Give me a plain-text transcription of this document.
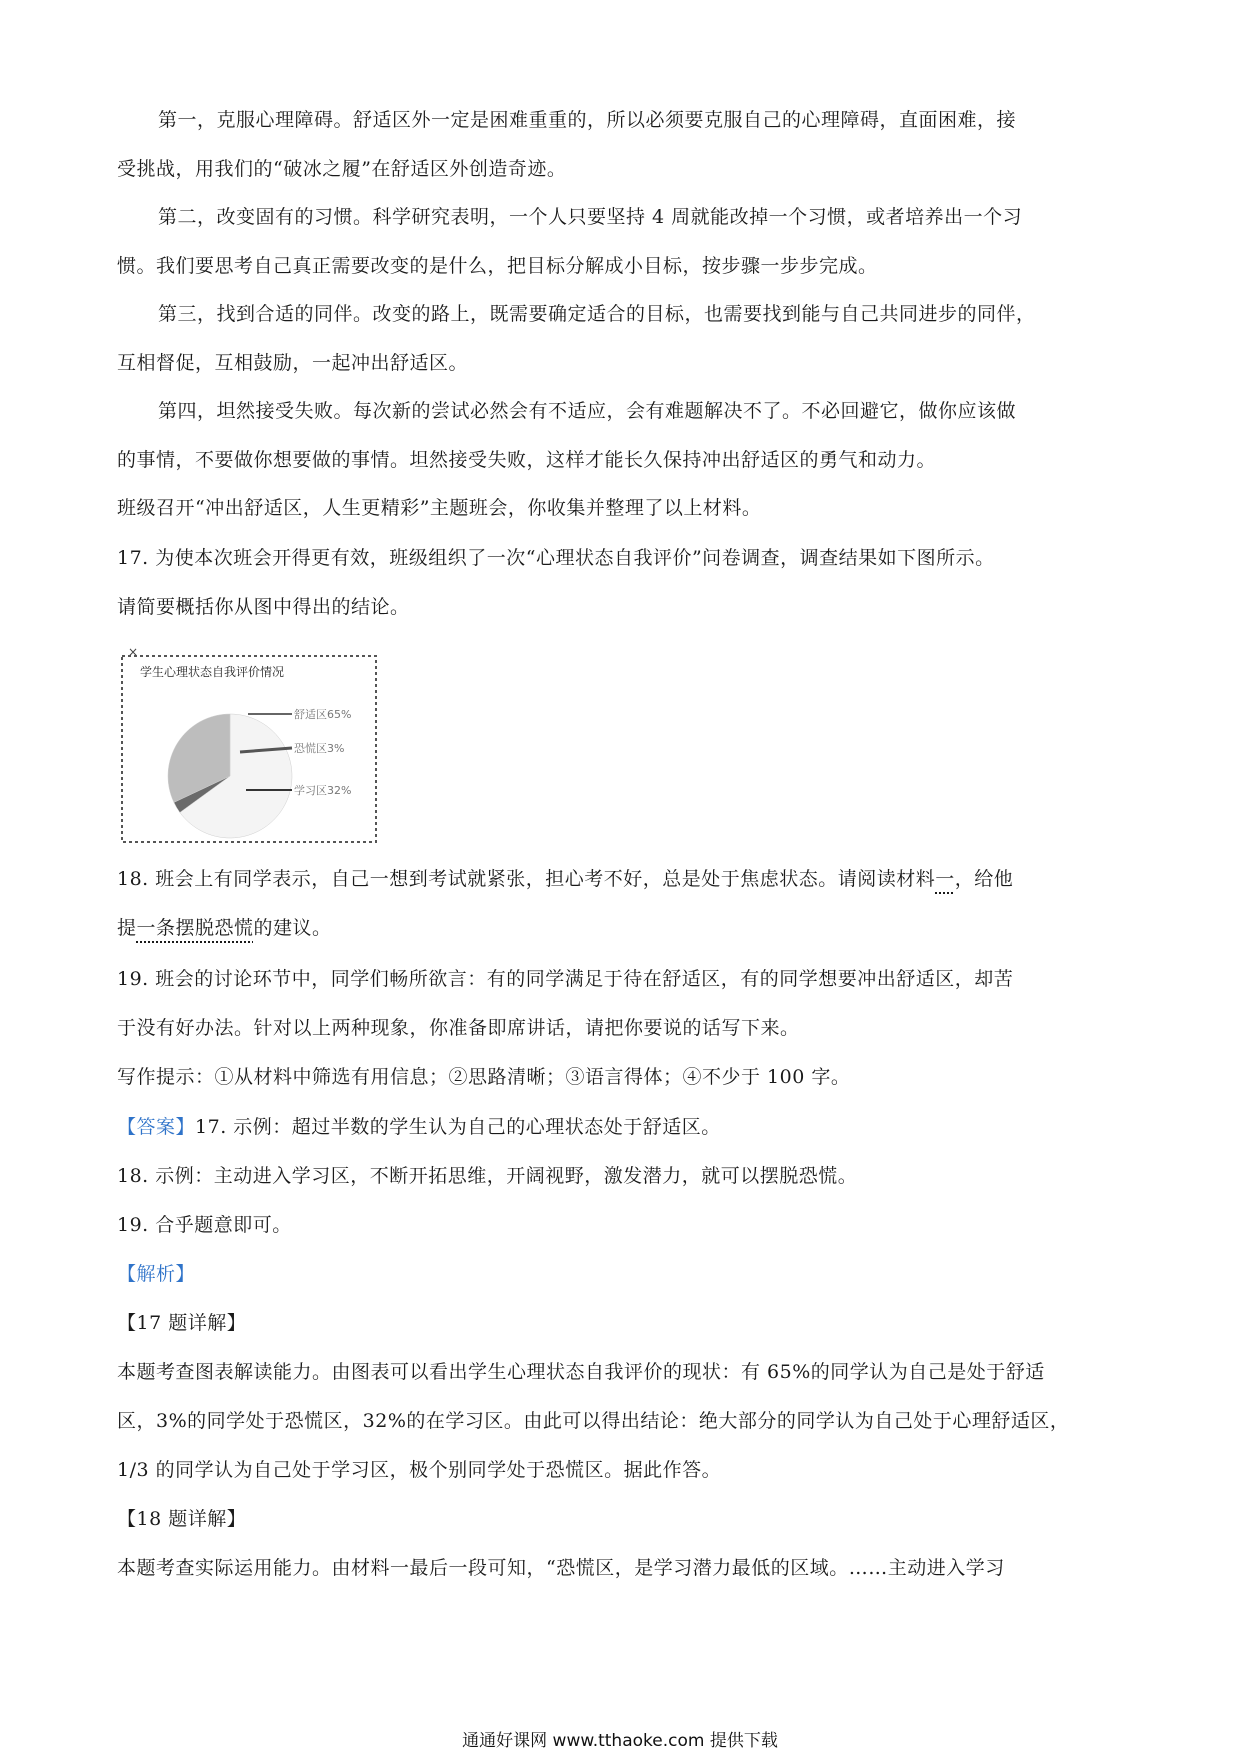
第一，克服心理障碍。舒适区外一定是困难重重的，所以必须要克服自己的心理障碍，直面困难，接

受挑战，用我们的“破冰之履”在舒适区外创造奇迹。

第二，改变固有的习惯。科学研究表明，一个人只要坚持 4 周就能改掉一个习惯，或者培养出一个习

惯。我们要思考自己真正需要改变的是什么，把目标分解成小目标，按步骤一步步完成。

第三，找到合适的同伴。改变的路上，既需要确定适合的目标，也需要找到能与自己共同进步的同伴，

互相督促，互相鼓励，一起冲出舒适区。

第四，坦然接受失败。每次新的尝试必然会有不适应，会有难题解决不了。不必回避它，做你应该做

的事情，不要做你想要做的事情。坦然接受失败，这样才能长久保持冲出舒适区的勇气和动力。

班级召开“冲出舒适区，人生更精彩”主题班会，你收集并整理了以上材料。

17. 为使本次班会开得更有效，班级组织了一次“心理状态自我评价”问卷调查，调查结果如下图所示。

请简要概括你从图中得出的结论。

×
学生心理状态自我评价情况
舒适区65%
恐慌区3%
学习区32%

18. 班会上有同学表示，自己一想到考试就紧张，担心考不好，总是处于焦虑状态。请阅读材料一，给他

提一条摆脱恐慌的建议。

19. 班会的讨论环节中，同学们畅所欲言：有的同学满足于待在舒适区，有的同学想要冲出舒适区，却苦

于没有好办法。针对以上两种现象，你准备即席讲话，请把你要说的话写下来。

写作提示：①从材料中筛选有用信息；②思路清晰；③语言得体；④不少于 100 字。

【答案】17. 示例：超过半数的学生认为自己的心理状态处于舒适区。

18. 示例：主动进入学习区，不断开拓思维，开阔视野，激发潜力，就可以摆脱恐慌。

19. 合乎题意即可。

【解析】

【17 题详解】

本题考查图表解读能力。由图表可以看出学生心理状态自我评价的现状：有 65%的同学认为自己是处于舒适

区，3%的同学处于恐慌区，32%的在学习区。由此可以得出结论：绝大部分的同学认为自己处于心理舒适区，

1/3 的同学认为自己处于学习区，极个别同学处于恐慌区。据此作答。

【18 题详解】

本题考查实际运用能力。由材料一最后一段可知，“恐慌区，是学习潜力最低的区域。……主动进入学习

通通好课网 www.tthaoke.com 提供下载
